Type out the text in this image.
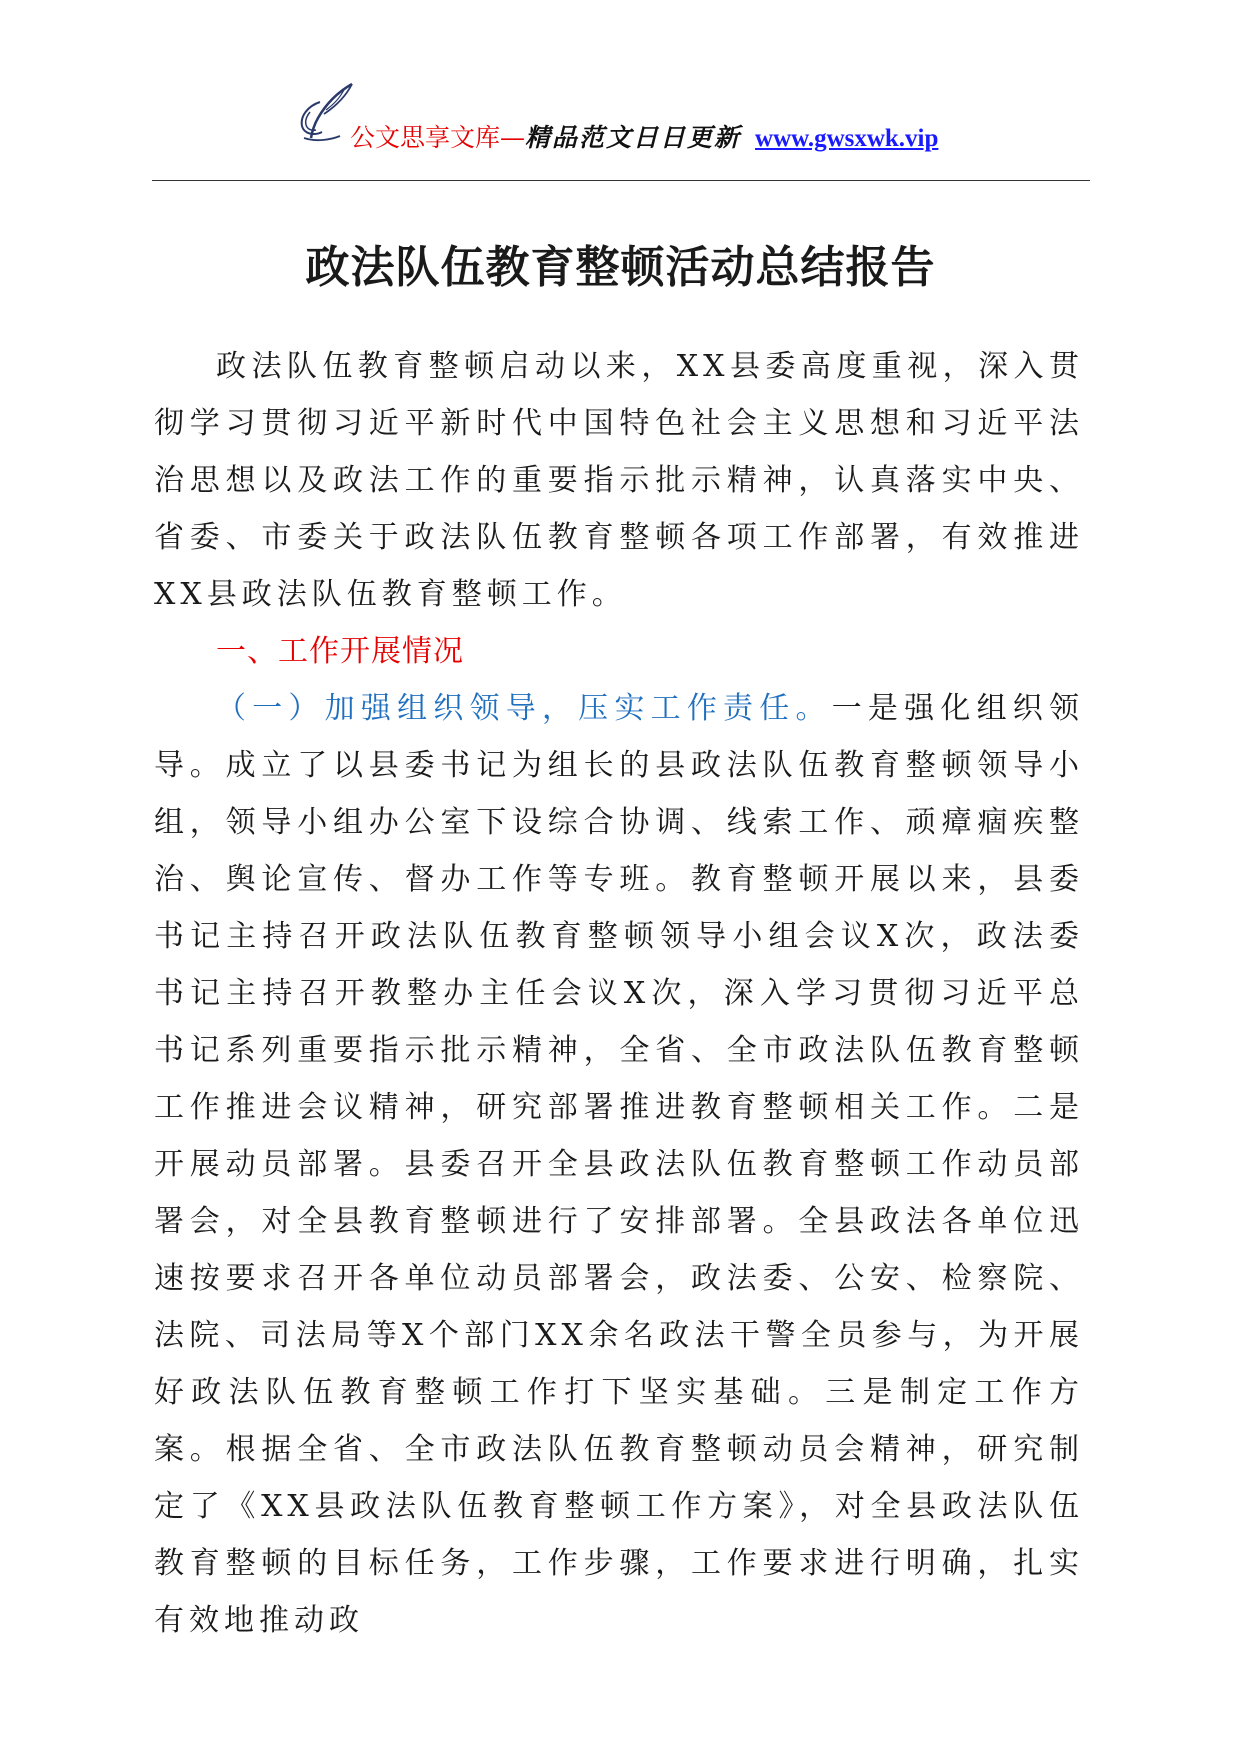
公文思享文库—精品范文日日更新 www.gwsxwk.vip
政法队伍教育整顿活动总结报告

政法队伍教育整顿启动以来，XX县委高度重视，深入贯彻学习贯彻习近平新时代中国特色社会主义思想和习近平法治思想以及政法工作的重要指示批示精神，认真落实中央、省委、市委关于政法队伍教育整顿各项工作部署，有效推进XX县政法队伍教育整顿工作。

一、工作开展情况

（一）加强组织领导，压实工作责任。一是强化组织领导。成立了以县委书记为组长的县政法队伍教育整顿领导小组，领导小组办公室下设综合协调、线索工作、顽瘴痼疾整治、舆论宣传、督办工作等专班。教育整顿开展以来，县委书记主持召开政法队伍教育整顿领导小组会议X次，政法委书记主持召开教整办主任会议X次，深入学习贯彻习近平总书记系列重要指示批示精神，全省、全市政法队伍教育整顿工作推进会议精神，研究部署推进教育整顿相关工作。二是开展动员部署。县委召开全县政法队伍教育整顿工作动员部署会，对全县教育整顿进行了安排部署。全县政法各单位迅速按要求召开各单位动员部署会，政法委、公安、检察院、法院、司法局等X个部门XX余名政法干警全员参与，为开展好政法队伍教育整顿工作打下坚实基础。三是制定工作方案。根据全省、全市政法队伍教育整顿动员会精神，研究制定了《XX县政法队伍教育整顿工作方案》，对全县政法队伍教育整顿的目标任务，工作步骤，工作要求进行明确，扎实有效地推动政
